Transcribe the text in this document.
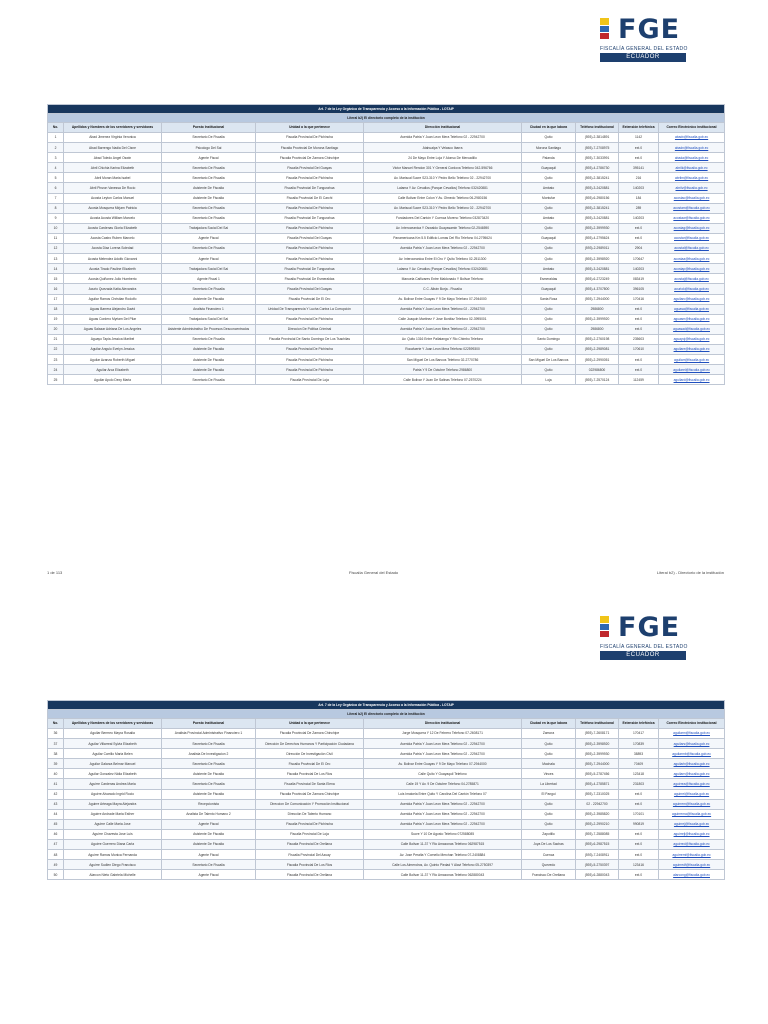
FGE
FISCALÍA GENERAL DEL ESTADO
ECUADOR
Art. 7 de la Ley Orgánica de Transparencia y Acceso a la Información Pública - LOTAIP								
Literal b2) El directorio completo de la institución								
No.	Apellidos y Nombres de los servidores y servidoras	Puesto Institucional	Unidad a la que pertenece	Dirección institucional	Ciudad en la que labora	Teléfono institucional	Extensión telefónica	Correo Electrónico institucional
1	Abad Jimenez Virginia Veronica	Secretario De Fiscalia	Fiscalia Provincial De Pichincha	Avenida Patria Y Juan Leon Mera Telefono 02 - 22942700	Quito	(593)-2-3814891	1142	abadv@fiscalia.gob.ec
2	Abad Barrengo Nadia Del Cisne	Psicologo Del Sai	Fiscalia Provincial De Morona Santiago	Atahualpa Y Velasco Ibarra	Morona Santiago	(593)-7-2708975	ext.0	abadn@fiscalia.gob.ec
3	Abad Toledo Angel Oswin	Agente Fiscal	Fiscalia Provincial De Zamora Chinchipe	24 De Mayo Entre Loja Y Alonso De Mercadillo	Palanda	(593)-7-3033991	ext.0	abada@fiscalia.gob.ec
4	Abril Chichia Karina Elizabeth	Secretario De Fiscalia	Fiscalia Provincial Del Guayas	Victor Manuel Rendon 301 Y General Cordova Telefono 042-596766	Guayaquil	(593)-4-2786730	395141	abrilk@fiscalia.gob.ec
5	Abril Moran Maria Isabel	Secretario De Fiscalia	Fiscalia Provincial De Pichincha	Av. Mariscal Sucre S23-310 Y Pedro Bello Telefono 02 - 22942700	Quito	(593)-2-3815241	216	abrilm@fiscalia.gob.ec
6	Abril Pinzon Vanessa De Rocio	Asistente De Fiscalia	Fiscalia Provincial De Tungurahua	Lalama Y Av. Cevallos (Parque Cevallos) Telefono 032420881	Ambato	(593)-3-2420881	140203	abrilv@fiscalia.gob.ec
7	Acosta Leyton Carlos Manuel	Asistente De Fiscalia	Fiscalia Provincial De El Carchi	Calle Bolivar Entre Colon Y Av. Olmedo Telefono 06-2980156	Montufar	(593)-6-2980156	184	acostac@fiscalia.gob.ec
8	Acosta Mosquera Mirjam Patricia	Secretario De Fiscalia	Fiscalia Provincial De Pichincha	Av. Mariscal Sucre S23-310 Y Pedro Bello Telefono 02 - 22942700	Quito	(593)-2-3815241	289	acostam@fiscalia.gob.ec
9	Acosta Acosta William Marcelo	Secretario De Fiscalia	Fiscalia Provincial De Tungurahua	Fundadores Del Cantón Y Cuenca Moreno Telefono 032873420	Ambato	(593)-3-2420881	140203	acostaw@fiscalia.gob.ec
10	Acosta Cardenas Gloria Elizabeth	Trabajadora Social Del Sai	Fiscalia Provincial De Pichincha	Av. Interoceanica Y Oswaldo Guayasamin Telefono 02-2546590	Quito	(593)-2-3999930	ext.0	acostag@fiscalia.gob.ec
11	Acosta Castro Ruben Marcelo	Agente Fiscal	Fiscalia Provincial Del Guayas	Panamericana Km 5.5 Edificio Lomas Del Rio Telefono 04-2795624	Guayaquil	(593)-4-2795624	ext.0	acostar@fiscalia.gob.ec
12	Acosta Diaz Lorena Soledad	Secretario De Fiscalia	Fiscalia Provincial De Pichincha	Avenida Patria Y Juan Leon Mera Telefono 02 - 22942700	Quito	(593)-2-2989011	2904	acostal@fiscalia.gob.ec
13	Acosta Melendez Adolfo Giovanni	Agente Fiscal	Fiscalia Provincial De Pichincha	Av. Interoceanica Entre El Oro Y Quito Telefono 02-2511300	Quito	(593)-2-3998920	170647	acostaa@fiscalia.gob.ec
14	Acosta Tirado Pauline Elizabeth	Trabajadora Social Del Sai	Fiscalia Provincial De Tungurahua	Lalama Y Av. Cevallos (Parque Cevallos) Telefono 032420881	Ambato	(593)-3-2420881	140203	acostap@fiscalia.gob.ec
15	Acosta Quiñonez Julio Humberto	Agente Fiscal 1	Fiscalia Provincial De Esmeraldas	Manuela Cañizares Entre Maldonado Y Bolivar Telefono	Esmeraldas	(593)-6-2723249	083419	acostaj@fiscalia.gob.ec
16	Acurio Quezada Katia Alexandra	Secretario De Fiscalia	Fiscalia Provincial Del Guayas	C.C. Albán Borja - Fiscalía	Guayaquil	(593)-4-3707800	396105	acuriok@fiscalia.gob.ec
17	Aguilar Ramos Christian Rodolfo	Asistente De Fiscalia	Fiscalia Provincial De El Oro	Av. Bolivar Entre Guayas Y 9 De Mayo Telefono 07-2944000	Santa Rosa	(593)-7-2944000	170416	aguilarc@fiscalia.gob.ec
18	Aguas Barrera Alejandro David	Analista Financiero 1	Unidad De Transparencia Y Lucha Contra La Corrupción	Avenida Patria Y Juan Leon Mera Telefono 02 - 22942700	Quito	2986800	ext.0	aguasa@fiscalia.gob.ec
19	Aguas Cordero Myriam Del Pilar	Trabajadora Social Del Sai	Fiscalia Provincial De Pichincha	Calle Joaquin Martinez Y Jose Bonifaz Telefono 02-3995001	Quito	(593)-2-3999920	ext.0	aguasm@fiscalia.gob.ec
20	Aguas Salazar Adriana De Los Angeles	Asistente Administrativo De Procesos Desconcentrados	Direccion De Politica Criminal	Avenida Patria Y Juan Leon Mera Telefono 02 - 22942700	Quito	2986800	ext.0	aguasad@fiscalia.gob.ec
21	Aguayo Tapia Jessica Maribel	Secretario De Fiscalia	Fiscalia Provincial De Santo Domingo De Los Tsachilas	Av. Quito 1316 Entre Pallatanga Y Rio Chimbo Telefono	Santo Domingo	(593)-2-2760198	235603	aguayoj@fiscalia.gob.ec
22	Aguilar Angulo Evelyn Jessica	Asistente De Fiscalia	Fiscalia Provincial De Pichincha	Rocafuerte Y Juan Leon Mera Telefono 022599300	Quito	(593)-2-2989081	170610	aguilare@fiscalia.gob.ec
23	Aguilar Azanza Roberth Miguel	Asistente De Fiscalia	Fiscalia Provincial De Pichincha	San Miguel De Los Bancos Telefono 02-2770786	San Miguel De Los Bancos	(593)-2-2990051	ext.0	aguilarr@fiscalia.gob.ec
24	Aguilar Arca Elizabeth	Asistente De Fiscalia	Fiscalia Provincial De Pichincha	Patria Y 9 De Octubre Telefono 2986800	Quito	022986800	ext.0	aguilarel@fiscalia.gob.ec
25	Aguilar Apolo Dexy Maria	Secretario De Fiscalia	Fiscalia Provincial De Loja	Calle Bolivar Y Juan De Salinas Telefono 07-2570224	Loja	(593)-7-2570124	112459	aguilard@fiscalia.gob.ec
1 de 113	Fiscalía General del Estado	Literal b2) - Directorio de la institución
FGE
FISCALÍA GENERAL DEL ESTADO
ECUADOR
Art. 7 de la Ley Orgánica de Transparencia y Acceso a la Información Pública - LOTAIP								
Literal b2) El directorio completo de la institución								
No.	Apellidos y Nombres de los servidores y servidoras	Puesto Institucional	Unidad a la que pertenece	Dirección institucional	Ciudad en la que labora	Teléfono institucional	Extensión telefónica	Correo Electrónico institucional
36	Aguilar Bermeo Mayra Rosalia	Analista Provincial Administrativo Financiero 1	Fiscalia Provincial De Zamora Chinchipe	Jorge Mosquera Y 12 De Febrero Telefono 07-2608171	Zamora	(593)-7-2608171	170417	aguilarm@fiscalia.gob.ec
37	Aguilar Villarreal Sylvia Elizabeth	Secretario De Fiscalia	Dirección De Derechos Humanos Y Participación Ciudadana	Avenida Patria Y Juan Leon Mera Telefono 02 - 22942700	Quito	(593)-2-3998920	170839	aguilars@fiscalia.gob.ec
38	Aguilar Carrillo Maria Belen	Analista De Investigacion 2	Dirección De Investigación Civil	Avenida Patria Y Juan Leon Mera Telefono 02 - 22942700	Quito	(593)-2-3999930	38893	aguilarmb@fiscalia.gob.ec
39	Aguilar Galarza Belmar Manuel	Secretario De Fiscalia	Fiscalia Provincial De El Oro	Av. Bolivar Entre Guayas Y 9 De Mayo Telefono 07-2944000	Machala	(593)-7-2944000	70409	aguilarb@fiscalia.gob.ec
40	Aguilar Gonzalez Nidia Elizabeth	Asistente De Fiscalia	Fiscalia Provincial De Los Rios	Calle Quito Y Guayaquil Telefono	Vinces	(593)-5-2787456	123418	aguilarn@fiscalia.gob.ec
41	Aguirre Cardenas Andrea Maria	Secretario De Fiscalia	Fiscalia Provincial De Santa Elena	Calle 19 Y Av. 9 De Octubre Telefono 04-2785871	La Libertad	(593)-4-2785871	231803	aguirrea@fiscalia.gob.ec
42	Aguirre Alvarado Ingrid Rocio	Asistente De Fiscalia	Fiscalia Provincial De Zamora Chinchipe	Luis Imaicela Entre Quito Y Carolina Del Cantón Telefono 07	El Pangui	(593)-7-2310025	ext.0	aguirrei@fiscalia.gob.ec
43	Aguirre Arteaga Mayra Alejandra	Recepcionista	Direccion De Comunicación Y Promoción Institucional	Avenida Patria Y Juan Leon Mera Telefono 02 - 22942700	Quito	02 - 22942700	ext.0	aguirrem@fiscalia.gob.ec
44	Aguirre Andrade Maria Esther	Analista De Talento Humano 2	Dirección De Talento Humano	Avenida Patria Y Juan Leon Mera Telefono 02 - 22942700	Quito	(593)-2-3985820	170101	aguirrema@fiscalia.gob.ec
45	Aguirre Calle Maria Jose	Agente Fiscal	Fiscalia Provincial De Pichincha	Avenida Patria Y Juan Leon Mera Telefono 02 - 22942700	Quito	(593)-2-2990210	990819	aguirrej@fiscalia.gob.ec
46	Aguirre Chavesta Jose Luis	Asistente De Fiscalia	Fiscalia Provincial De Loja	Sucre Y 10 De Agosto Telefono 072588085	Zapotillo	(593)-7-2588085	ext.0	aguirrejl@fiscalia.gob.ec
47	Aguirre Guerrero Diana Carla	Asistente De Fiscalia	Fiscalia Provincial De Orellana	Calle Bolivar 11-37 Y Rio Amazonas Telefono 062987515	Joya De Los Sachas	(593)-6-2987515	ext.0	aguirred@fiscalia.gob.ec
48	Aguirre Ramos Monica Fernanda	Agente Fiscal	Fiscalia Provincial Del Azuay	Av. Jose Peralta Y Cornelio Merchan Telefono 07-2408884	Cuenca	(593)-7-2408911	ext.0	aguirremf@fiscalia.gob.ec
49	Aguirre Sudlen Diego Francisco	Secretario De Fiscalia	Fiscalia Provincial De Los Rios	Calle Los Almendros, Av. Quinto Piedad Y Alavi Telefono 05-2750397	Quevedo	(593)-5-2750397	123416	aguirredf@fiscalia.gob.ec
50	Alarcon Nieto Gabriela Michelle	Agente Fiscal	Fiscalia Provincial De Orellana	Calle Bolivar 11-37 Y Rio Amazonas Telefono 062880043	Francisco De Orellana	(593)-6-2880043	ext.0	alarcong@fiscalia.gob.ec
